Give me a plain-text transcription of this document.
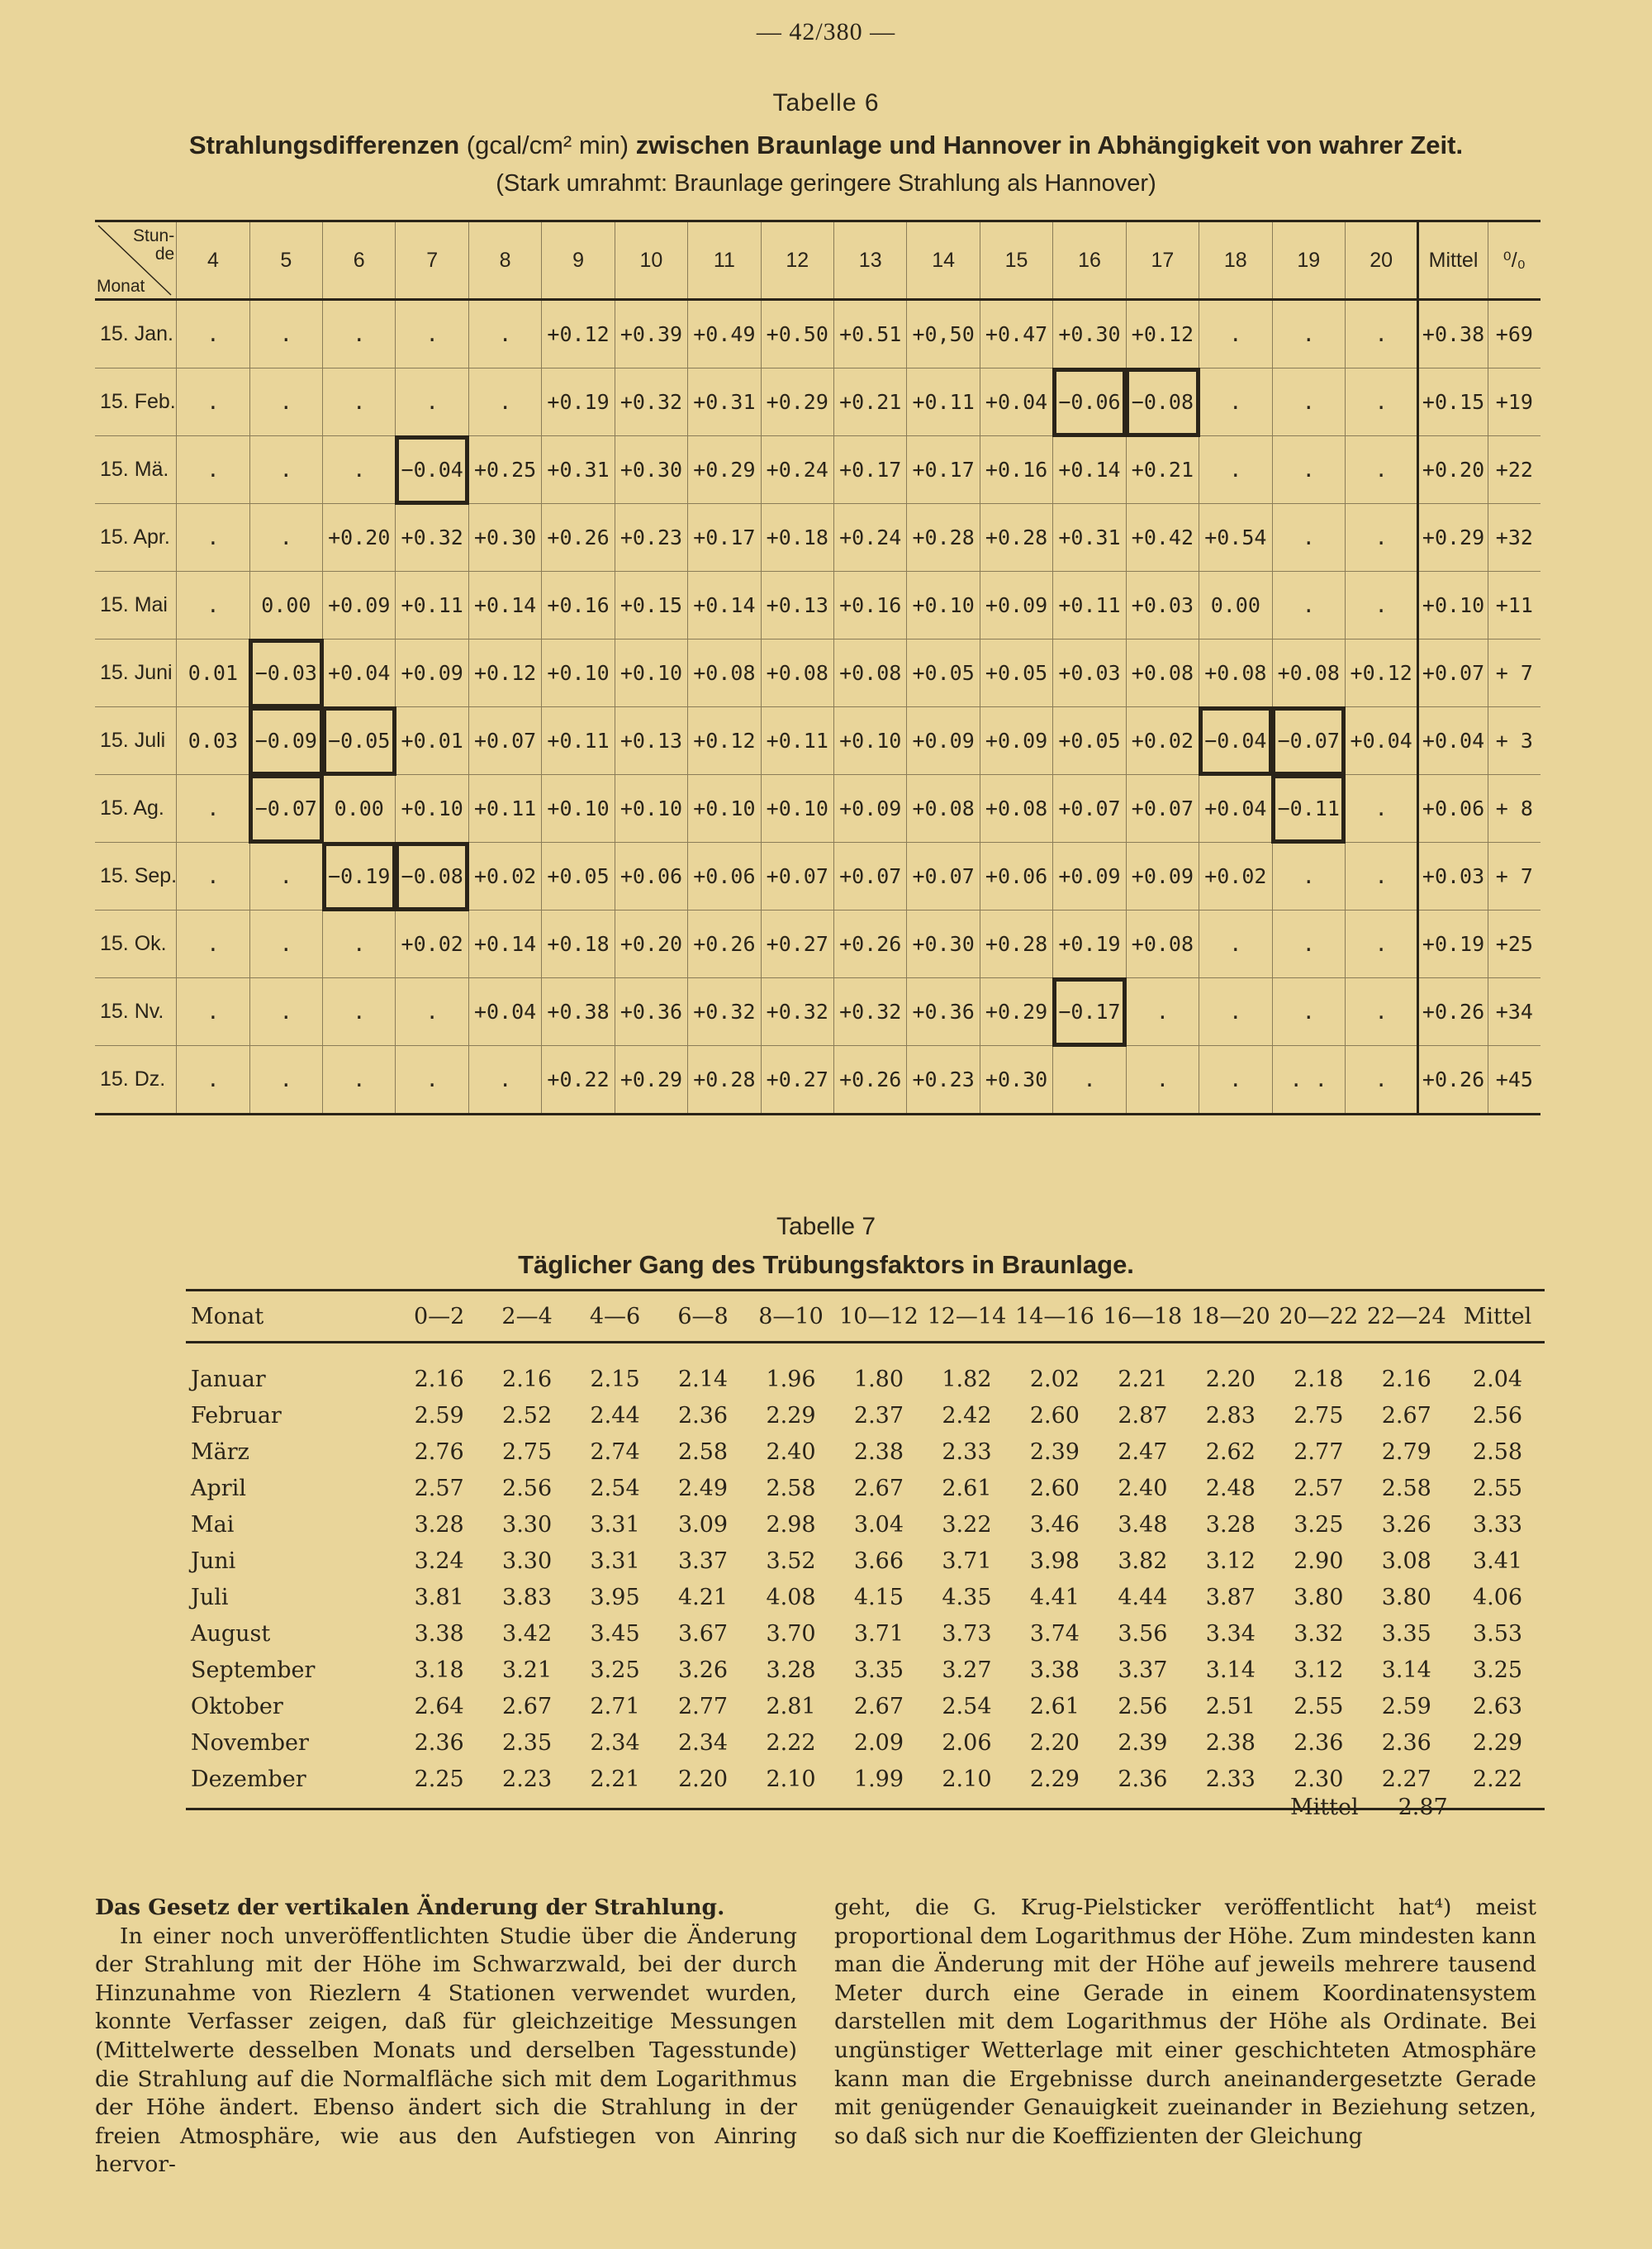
— 42/380 —
Tabelle 6
Strahlungsdifferenzen (gcal/cm² min) zwischen Braunlage und Hannover in Abhängigkeit von wahrer Zeit.
(Stark umrahmt: Braunlage geringere Strahlung als Hannover)
Stun-
de
Monat	4	5	6	7	8	9	10	11	12	13	14	15	16	17	18	19	20	Mittel	⁰/₀
15. Jan.	.	.	.	.	.	+0.12	+0.39	+0.49	+0.50	+0.51	+0,50	+0.47	+0.30	+0.12	.	.	.	+0.38	+69
15. Feb.	.	.	.	.	.	+0.19	+0.32	+0.31	+0.29	+0.21	+0.11	+0.04	−0.06	−0.08	.	.	.	+0.15	+19
15. Mä.	.	.	.	−0.04	+0.25	+0.31	+0.30	+0.29	+0.24	+0.17	+0.17	+0.16	+0.14	+0.21	.	.	.	+0.20	+22
15. Apr.	.	.	+0.20	+0.32	+0.30	+0.26	+0.23	+0.17	+0.18	+0.24	+0.28	+0.28	+0.31	+0.42	+0.54	.	.	+0.29	+32
15. Mai	.	0.00	+0.09	+0.11	+0.14	+0.16	+0.15	+0.14	+0.13	+0.16	+0.10	+0.09	+0.11	+0.03	0.00	.	.	+0.10	+11
15. Juni	0.01	−0.03	+0.04	+0.09	+0.12	+0.10	+0.10	+0.08	+0.08	+0.08	+0.05	+0.05	+0.03	+0.08	+0.08	+0.08	+0.12	+0.07	+ 7
15. Juli	0.03	−0.09	−0.05	+0.01	+0.07	+0.11	+0.13	+0.12	+0.11	+0.10	+0.09	+0.09	+0.05	+0.02	−0.04	−0.07	+0.04	+0.04	+ 3
15. Ag.	.	−0.07	0.00	+0.10	+0.11	+0.10	+0.10	+0.10	+0.10	+0.09	+0.08	+0.08	+0.07	+0.07	+0.04	−0.11	.	+0.06	+ 8
15. Sep.	.	.	−0.19	−0.08	+0.02	+0.05	+0.06	+0.06	+0.07	+0.07	+0.07	+0.06	+0.09	+0.09	+0.02	.	.	+0.03	+ 7
15. Ok.	.	.	.	+0.02	+0.14	+0.18	+0.20	+0.26	+0.27	+0.26	+0.30	+0.28	+0.19	+0.08	.	.	.	+0.19	+25
15. Nv.	.	.	.	.	+0.04	+0.38	+0.36	+0.32	+0.32	+0.32	+0.36	+0.29	−0.17	.	.	.	.	+0.26	+34
15. Dz.	.	.	.	.	.	+0.22	+0.29	+0.28	+0.27	+0.26	+0.23	+0.30	.	.	.	. .	.	+0.26	+45
Tabelle 7
Täglicher Gang des Trübungsfaktors in Braunlage.
Monat	0—2	2—4	4—6	6—8	8—10	10—12	12—14	14—16	16—18	18—20	20—22	22—24	Mittel
Januar	2.16	2.16	2.15	2.14	1.96	1.80	1.82	2.02	2.21	2.20	2.18	2.16	2.04
Februar	2.59	2.52	2.44	2.36	2.29	2.37	2.42	2.60	2.87	2.83	2.75	2.67	2.56
März	2.76	2.75	2.74	2.58	2.40	2.38	2.33	2.39	2.47	2.62	2.77	2.79	2.58
April	2.57	2.56	2.54	2.49	2.58	2.67	2.61	2.60	2.40	2.48	2.57	2.58	2.55
Mai	3.28	3.30	3.31	3.09	2.98	3.04	3.22	3.46	3.48	3.28	3.25	3.26	3.33
Juni	3.24	3.30	3.31	3.37	3.52	3.66	3.71	3.98	3.82	3.12	2.90	3.08	3.41
Juli	3.81	3.83	3.95	4.21	4.08	4.15	4.35	4.41	4.44	3.87	3.80	3.80	4.06
August	3.38	3.42	3.45	3.67	3.70	3.71	3.73	3.74	3.56	3.34	3.32	3.35	3.53
September	3.18	3.21	3.25	3.26	3.28	3.35	3.27	3.38	3.37	3.14	3.12	3.14	3.25
Oktober	2.64	2.67	2.71	2.77	2.81	2.67	2.54	2.61	2.56	2.51	2.55	2.59	2.63
November	2.36	2.35	2.34	2.34	2.22	2.09	2.06	2.20	2.39	2.38	2.36	2.36	2.29
Dezember	2.25	2.23	2.21	2.20	2.10	1.99	2.10	2.29	2.36	2.33	2.30	2.27	2.22
Mittel 2.87
Das Gesetz der vertikalen Änderung der Strahlung.
In einer noch unveröffentlichten Studie über die Änderung der Strahlung mit der Höhe im Schwarzwald, bei der durch Hinzunahme von Riezlern 4 Stationen verwendet wurden, konnte Verfasser zeigen, daß für gleichzeitige Messungen (Mittelwerte desselben Monats und derselben Tagesstunde) die Strahlung auf die Normalfläche sich mit dem Logarithmus der Höhe ändert. Ebenso ändert sich die Strahlung in der freien Atmosphäre, wie aus den Aufstiegen von Ainring hervor-
geht, die G. Krug-Pielsticker veröffentlicht hat⁴) meist proportional dem Logarithmus der Höhe. Zum mindesten kann man die Änderung mit der Höhe auf jeweils mehrere tausend Meter durch eine Gerade in einem Koordinatensystem darstellen mit dem Logarithmus der Höhe als Ordinate. Bei ungünstiger Wetterlage mit einer geschichteten Atmosphäre kann man die Ergebnisse durch aneinandergesetzte Gerade mit genügender Genauigkeit zueinander in Beziehung setzen, so daß sich nur die Koeffizienten der Gleichung
